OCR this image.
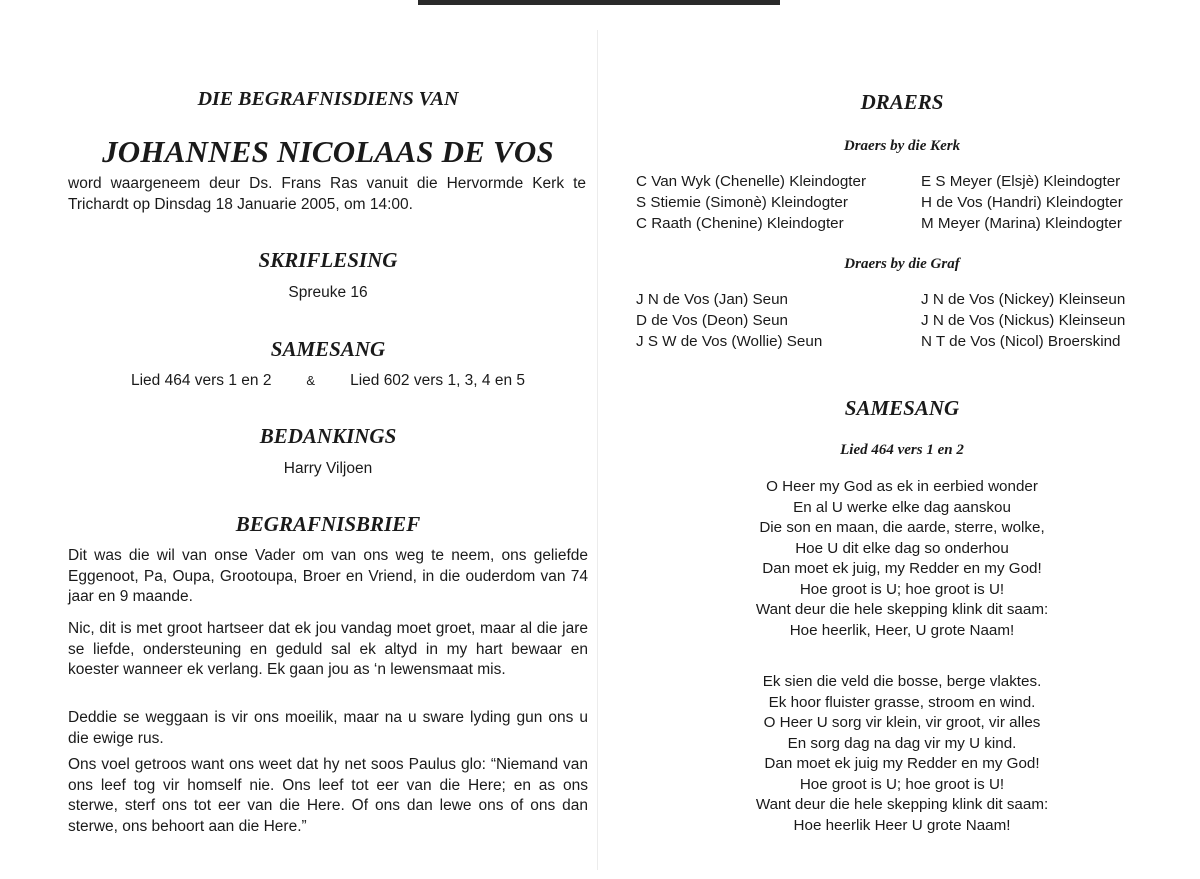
DIE BEGRAFNISDIENS VAN
JOHANNES NICOLAAS DE VOS
word waargeneem deur Ds. Frans Ras vanuit die Hervormde Kerk te Trichardt op Dinsdag 18 Januarie 2005, om 14:00.
SKRIFLESING
Spreuke 16
SAMESANG
Lied 464 vers 1 en 2	& Lied 602 vers 1, 3, 4 en 5
BEDANKINGS
Harry Viljoen
BEGRAFNISBRIEF
Dit was die wil van onse Vader om van ons weg te neem, ons geliefde Eggenoot, Pa, Oupa, Grootoupa, Broer en Vriend, in die ouderdom van 74 jaar en 9 maande.
Nic, dit is met groot hartseer dat ek jou vandag moet groet, maar al die jare se liefde, ondersteuning en geduld sal ek altyd in my hart bewaar en koester wanneer ek verlang. Ek gaan jou as ‘n lewensmaat mis.
Deddie se weggaan is vir ons moeilik, maar na u sware lyding gun ons u die ewige rus.
Ons voel getroos want ons weet dat hy net soos Paulus glo: “Niemand van ons leef tog vir homself nie. Ons leef tot eer van die Here; en as ons sterwe, sterf ons tot eer van die Here. Of ons dan lewe ons of ons dan sterwe, ons behoort aan die Here.”
DRAERS
Draers by die Kerk
C Van Wyk (Chenelle) Kleindogter
S Stiemie (Simonè) Kleindogter
C Raath (Chenine) Kleindogter
E S Meyer (Elsjè) Kleindogter
H de Vos (Handri) Kleindogter
M Meyer (Marina) Kleindogter
Draers by die Graf
J N de Vos (Jan) Seun
D de Vos (Deon) Seun
J S W de Vos (Wollie) Seun
J N de Vos (Nickey) Kleinseun
J N de Vos (Nickus) Kleinseun
N T de Vos (Nicol) Broerskind
SAMESANG
Lied 464 vers 1 en 2
O Heer my God as ek in eerbied wonder
En al U werke elke dag aanskou
Die son en maan, die aarde, sterre, wolke,
Hoe U dit elke dag so onderhou
Dan moet ek juig, my Redder en my God!
Hoe groot is U; hoe groot is U!
Want deur die hele skepping klink dit saam:
Hoe heerlik, Heer, U grote Naam!
Ek sien die veld die bosse, berge vlaktes.
Ek hoor fluister grasse, stroom en wind.
O Heer U sorg vir klein, vir groot, vir alles
En sorg dag na dag vir my U kind.
Dan moet ek juig my Redder en my God!
Hoe groot is U; hoe groot is U!
Want deur die hele skepping klink dit saam:
Hoe heerlik Heer U grote Naam!
